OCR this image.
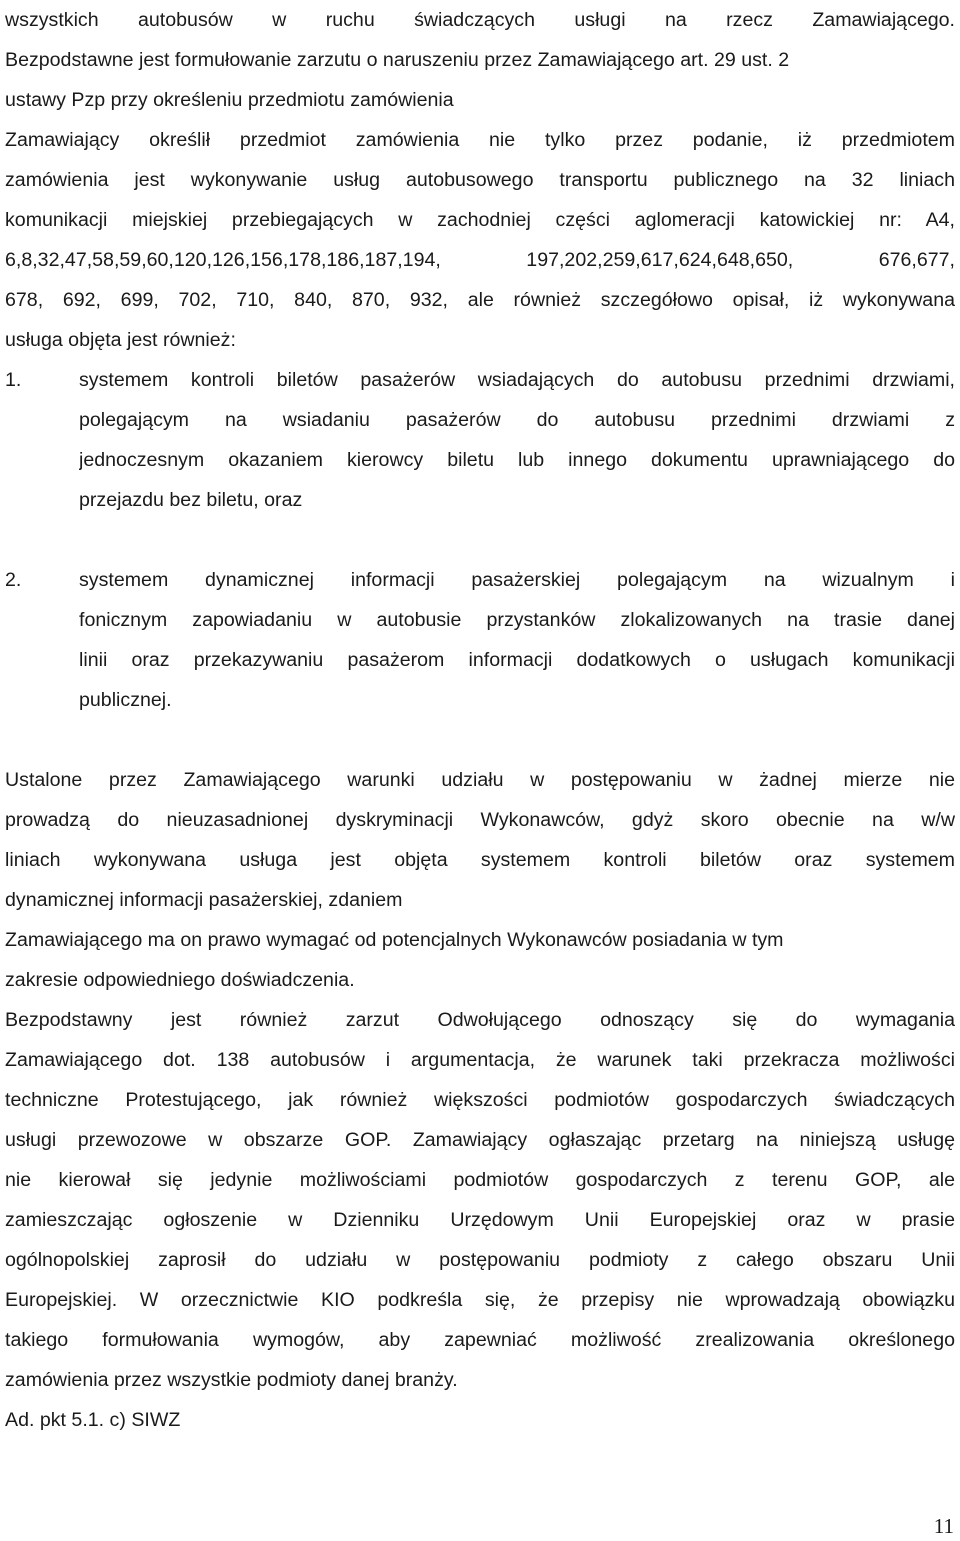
wszystkich autobusów w ruchu świadczących usługi na rzecz Zamawiającego.
Bezpodstawne jest formułowanie zarzutu o naruszeniu przez Zamawiającego art. 29 ust. 2
ustawy Pzp przy określeniu przedmiotu zamówienia
Zamawiający określił przedmiot zamówienia nie tylko przez podanie, iż przedmiotem
zamówienia jest wykonywanie usług autobusowego transportu publicznego na 32 liniach
komunikacji miejskiej przebiegających w zachodniej części aglomeracji katowickiej nr: A4,
6,8,32,47,58,59,60,120,126,156,178,186,187,194, 197,202,259,617,624,648,650, 676,677,
678, 692, 699, 702, 710, 840, 870, 932, ale również szczegółowo opisał, iż wykonywana
usługa objęta jest również:
1.	systemem kontroli biletów pasażerów wsiadających do autobusu przednimi drzwiami,
polegającym na wsiadaniu pasażerów do autobusu przednimi drzwiami z
jednoczesnym okazaniem kierowcy biletu lub innego dokumentu uprawniającego do
przejazdu bez biletu, oraz
2.	systemem dynamicznej informacji pasażerskiej polegającym na wizualnym i
fonicznym zapowiadaniu w autobusie przystanków zlokalizowanych na trasie danej
linii oraz przekazywaniu pasażerom informacji dodatkowych o usługach komunikacji
publicznej.
Ustalone przez Zamawiającego warunki udziału w postępowaniu w żadnej mierze nie
prowadzą do nieuzasadnionej dyskryminacji Wykonawców, gdyż skoro obecnie na w/w
liniach wykonywana usługa jest objęta systemem kontroli biletów oraz systemem
dynamicznej informacji pasażerskiej, zdaniem
Zamawiającego ma on prawo wymagać od potencjalnych Wykonawców posiadania w tym
zakresie odpowiedniego doświadczenia.
Bezpodstawny jest również zarzut Odwołującego odnoszący się do wymagania
Zamawiającego dot. 138 autobusów i argumentacja, że warunek taki przekracza możliwości
techniczne Protestującego, jak również większości podmiotów gospodarczych świadczących
usługi przewozowe w obszarze GOP. Zamawiający ogłaszając przetarg na niniejszą usługę
nie kierował się jedynie możliwościami podmiotów gospodarczych z terenu GOP, ale
zamieszczając ogłoszenie w Dzienniku Urzędowym Unii Europejskiej oraz w prasie
ogólnopolskiej zaprosił do udziału w postępowaniu podmioty z całego obszaru Unii
Europejskiej. W orzecznictwie KIO podkreśla się, że przepisy nie wprowadzają obowiązku
takiego formułowania wymogów, aby zapewniać możliwość zrealizowania określonego
zamówienia przez wszystkie podmioty danej branży.
Ad. pkt 5.1. c) SIWZ
11
